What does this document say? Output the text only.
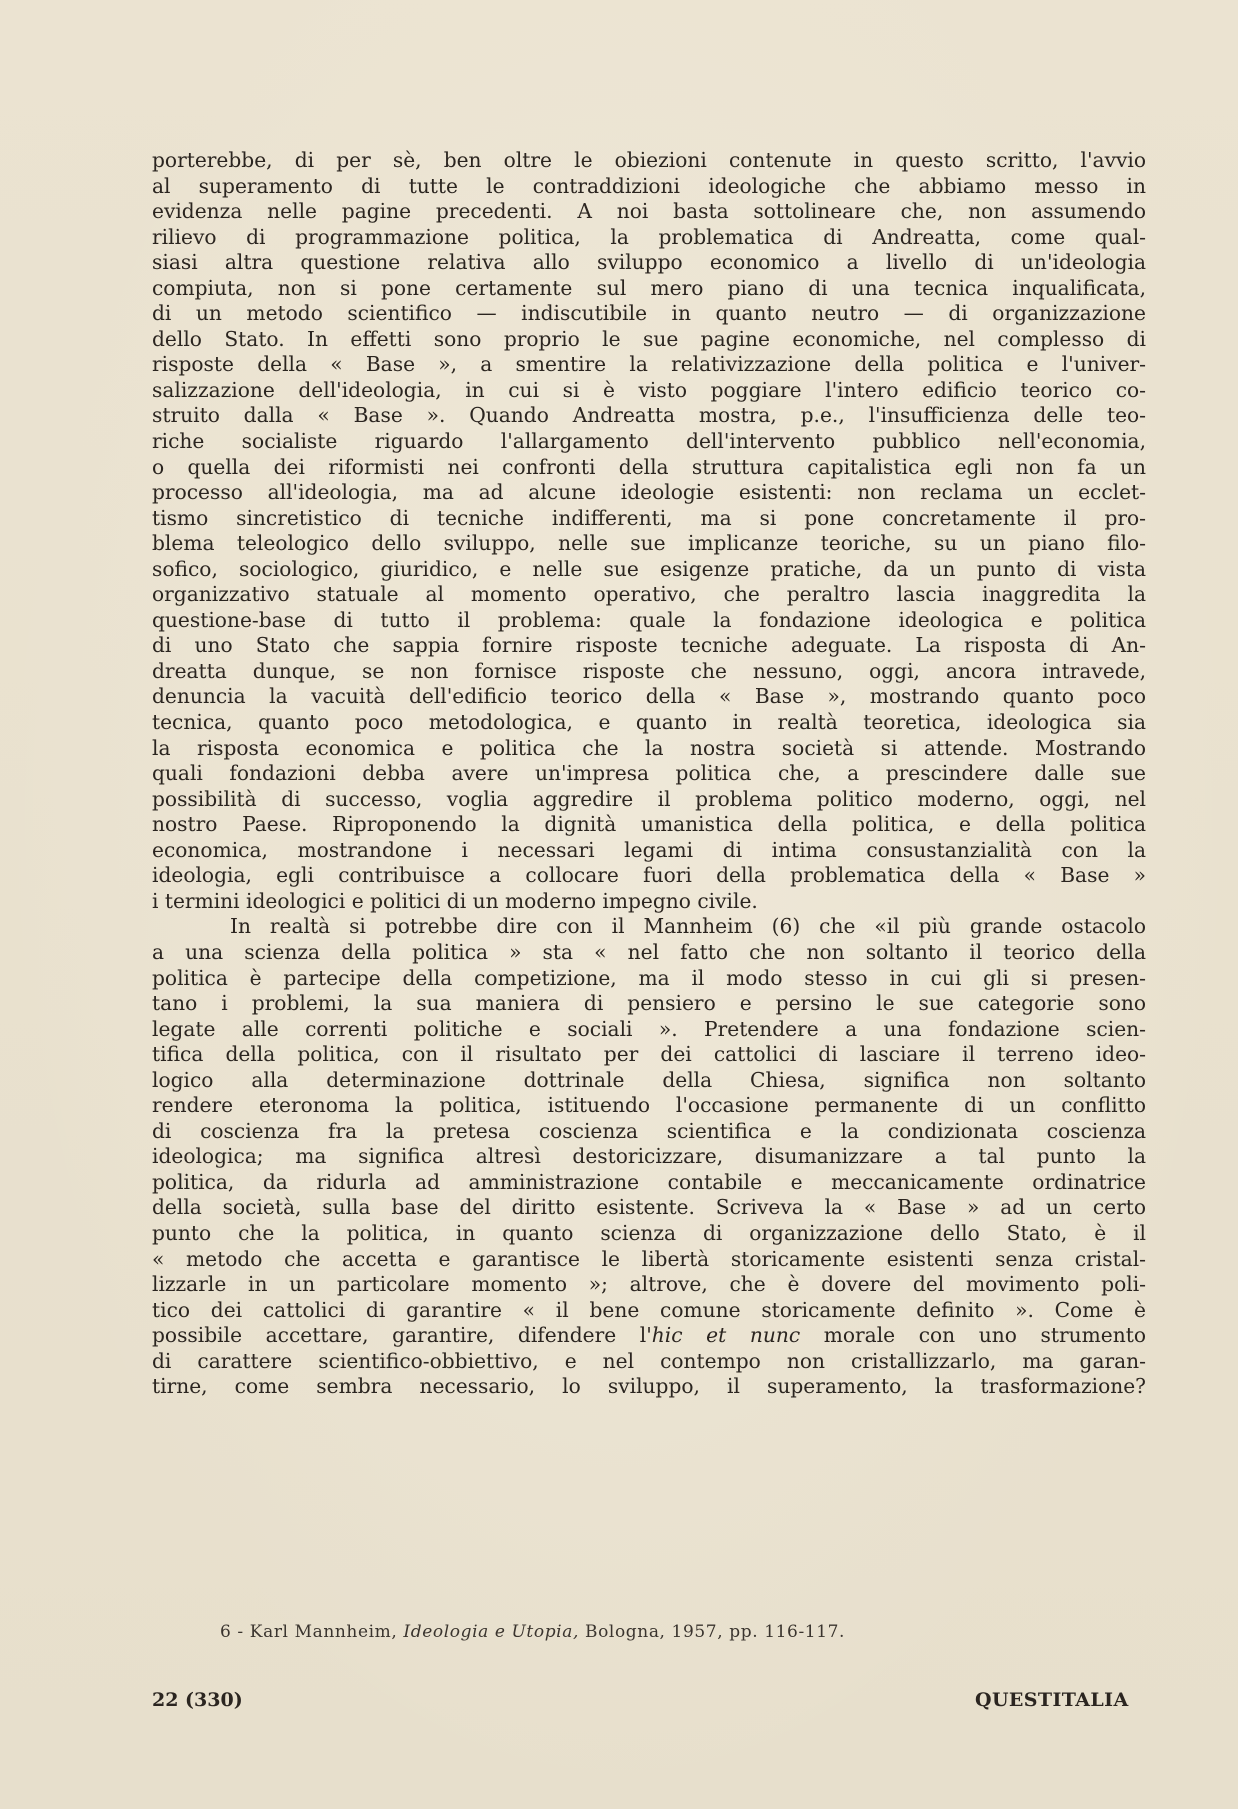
porterebbe, di per sè, ben oltre le obiezioni contenute in questo scritto, l'avvio
al superamento di tutte le contraddizioni ideologiche che abbiamo messo in
evidenza nelle pagine precedenti. A noi basta sottolineare che, non assumendo
rilievo di programmazione politica, la problematica di Andreatta, come qual-
siasi altra questione relativa allo sviluppo economico a livello di un'ideologia
compiuta, non si pone certamente sul mero piano di una tecnica inqualificata,
di un metodo scientifico — indiscutibile in quanto neutro — di organizzazione
dello Stato. In effetti sono proprio le sue pagine economiche, nel complesso di
risposte della « Base », a smentire la relativizzazione della politica e l'univer-
salizzazione dell'ideologia, in cui si è visto poggiare l'intero edificio teorico co-
struito dalla « Base ». Quando Andreatta mostra, p.e., l'insufficienza delle teo-
riche socialiste riguardo l'allargamento dell'intervento pubblico nell'economia,
o quella dei riformisti nei confronti della struttura capitalistica egli non fa un
processo all'ideologia, ma ad alcune ideologie esistenti: non reclama un ecclet-
tismo sincretistico di tecniche indifferenti, ma si pone concretamente il pro-
blema teleologico dello sviluppo, nelle sue implicanze teoriche, su un piano filo-
sofico, sociologico, giuridico, e nelle sue esigenze pratiche, da un punto di vista
organizzativo statuale al momento operativo, che peraltro lascia inaggredita la
questione-base di tutto il problema: quale la fondazione ideologica e politica
di uno Stato che sappia fornire risposte tecniche adeguate. La risposta di An-
dreatta dunque, se non fornisce risposte che nessuno, oggi, ancora intravede,
denuncia la vacuità dell'edificio teorico della « Base », mostrando quanto poco
tecnica, quanto poco metodologica, e quanto in realtà teoretica, ideologica sia
la risposta economica e politica che la nostra società si attende. Mostrando
quali fondazioni debba avere un'impresa politica che, a prescindere dalle sue
possibilità di successo, voglia aggredire il problema politico moderno, oggi, nel
nostro Paese. Riproponendo la dignità umanistica della politica, e della politica
economica, mostrandone i necessari legami di intima consustanzialità con la
ideologia, egli contribuisce a collocare fuori della problematica della « Base »
i termini ideologici e politici di un moderno impegno civile.
In realtà si potrebbe dire con il Mannheim (6) che «il più grande ostacolo
a una scienza della politica » sta « nel fatto che non soltanto il teorico della
politica è partecipe della competizione, ma il modo stesso in cui gli si presen-
tano i problemi, la sua maniera di pensiero e persino le sue categorie sono
legate alle correnti politiche e sociali ». Pretendere a una fondazione scien-
tifica della politica, con il risultato per dei cattolici di lasciare il terreno ideo-
logico alla determinazione dottrinale della Chiesa, significa non soltanto
rendere eteronoma la politica, istituendo l'occasione permanente di un conflitto
di coscienza fra la pretesa coscienza scientifica e la condizionata coscienza
ideologica; ma significa altresì destoricizzare, disumanizzare a tal punto la
politica, da ridurla ad amministrazione contabile e meccanicamente ordinatrice
della società, sulla base del diritto esistente. Scriveva la « Base » ad un certo
punto che la politica, in quanto scienza di organizzazione dello Stato, è il
« metodo che accetta e garantisce le libertà storicamente esistenti senza cristal-
lizzarle in un particolare momento »; altrove, che è dovere del movimento poli-
tico dei cattolici di garantire « il bene comune storicamente definito ». Come è
possibile accettare, garantire, difendere l'hic et nunc morale con uno strumento
di carattere scientifico-obbiettivo, e nel contempo non cristallizzarlo, ma garan-
tirne, come sembra necessario, lo sviluppo, il superamento, la trasformazione?
6 - Karl Mannheim, Ideologia e Utopia, Bologna, 1957, pp. 116-117.
22 (330)	QUESTITALIA
